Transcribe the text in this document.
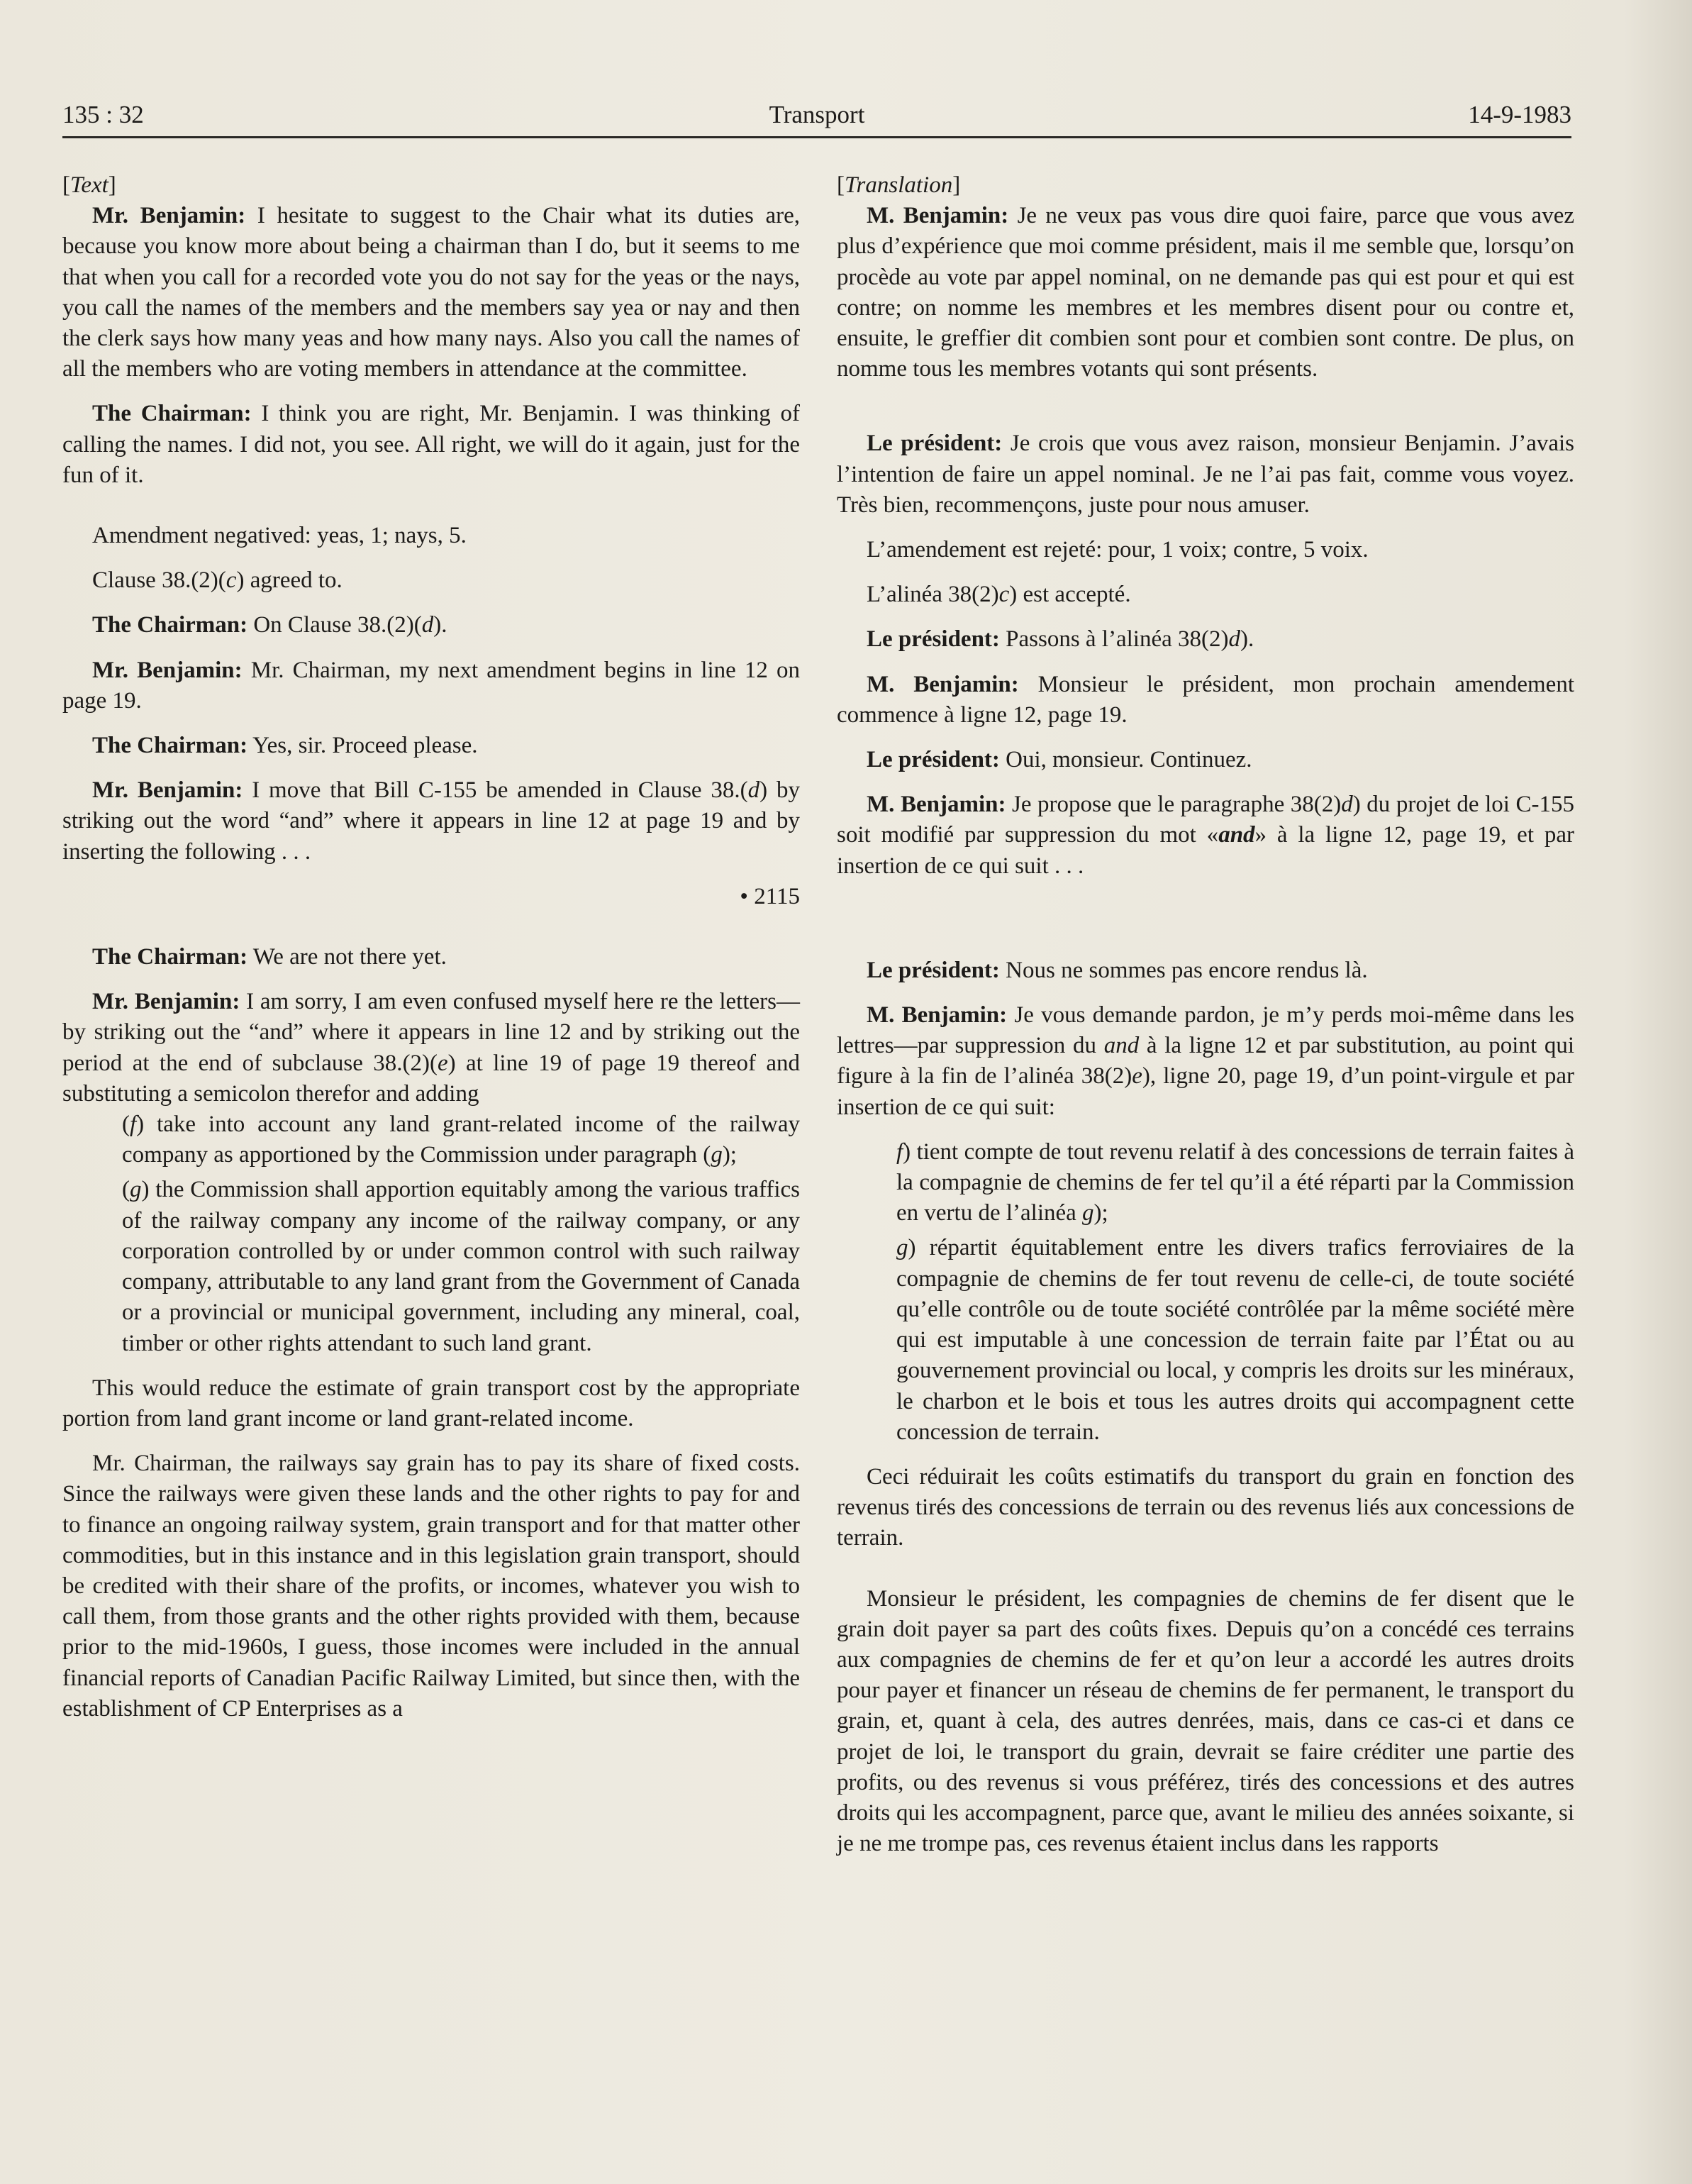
135 : 32	Transport	14-9-1983

[Text]

Mr. Benjamin: I hesitate to suggest to the Chair what its duties are, because you know more about being a chairman than I do, but it seems to me that when you call for a recorded vote you do not say for the yeas or the nays, you call the names of the members and the members say yea or nay and then the clerk says how many yeas and how many nays. Also you call the names of all the members who are voting members in attendance at the committee.

The Chairman: I think you are right, Mr. Benjamin. I was thinking of calling the names. I did not, you see. All right, we will do it again, just for the fun of it.

Amendment negatived: yeas, 1; nays, 5.

Clause 38.(2)(c) agreed to.

The Chairman: On Clause 38.(2)(d).

Mr. Benjamin: Mr. Chairman, my next amendment begins in line 12 on page 19.

The Chairman: Yes, sir. Proceed please.

Mr. Benjamin: I move that Bill C-155 be amended in Clause 38.(d) by striking out the word “and” where it appears in line 12 at page 19 and by inserting the following . . .

• 2115

The Chairman: We are not there yet.

Mr. Benjamin: I am sorry, I am even confused myself here re the letters—by striking out the “and” where it appears in line 12 and by striking out the period at the end of subclause 38.(2)(e) at line 19 of page 19 thereof and substituting a semicolon therefor and adding

(f) take into account any land grant-related income of the railway company as apportioned by the Commission under paragraph (g);

(g) the Commission shall apportion equitably among the various traffics of the railway company any income of the railway company, or any corporation controlled by or under common control with such railway company, attributable to any land grant from the Government of Canada or a provincial or municipal government, including any mineral, coal, timber or other rights attendant to such land grant.

This would reduce the estimate of grain transport cost by the appropriate portion from land grant income or land grant-related income.

Mr. Chairman, the railways say grain has to pay its share of fixed costs. Since the railways were given these lands and the other rights to pay for and to finance an ongoing railway system, grain transport and for that matter other commodities, but in this instance and in this legislation grain transport, should be credited with their share of the profits, or incomes, whatever you wish to call them, from those grants and the other rights provided with them, because prior to the mid-1960s, I guess, those incomes were included in the annual financial reports of Canadian Pacific Railway Limited, but since then, with the establishment of CP Enterprises as a

[Translation]

M. Benjamin: Je ne veux pas vous dire quoi faire, parce que vous avez plus d’expérience que moi comme président, mais il me semble que, lorsqu’on procède au vote par appel nominal, on ne demande pas qui est pour et qui est contre; on nomme les membres et les membres disent pour ou contre et, ensuite, le greffier dit combien sont pour et combien sont contre. De plus, on nomme tous les membres votants qui sont présents.

Le président: Je crois que vous avez raison, monsieur Benjamin. J’avais l’intention de faire un appel nominal. Je ne l’ai pas fait, comme vous voyez. Très bien, recommençons, juste pour nous amuser.

L’amendement est rejeté: pour, 1 voix; contre, 5 voix.

L’alinéa 38(2)c) est accepté.

Le président: Passons à l’alinéa 38(2)d).

M. Benjamin: Monsieur le président, mon prochain amendement commence à ligne 12, page 19.

Le président: Oui, monsieur. Continuez.

M. Benjamin: Je propose que le paragraphe 38(2)d) du projet de loi C-155 soit modifié par suppression du mot «and» à la ligne 12, page 19, et par insertion de ce qui suit . . .

Le président: Nous ne sommes pas encore rendus là.

M. Benjamin: Je vous demande pardon, je m’y perds moi-même dans les lettres—par suppression du and à la ligne 12 et par substitution, au point qui figure à la fin de l’alinéa 38(2)e), ligne 20, page 19, d’un point-virgule et par insertion de ce qui suit:

f) tient compte de tout revenu relatif à des concessions de terrain faites à la compagnie de chemins de fer tel qu’il a été réparti par la Commission en vertu de l’alinéa g);

g) répartit équitablement entre les divers trafics ferroviaires de la compagnie de chemins de fer tout revenu de celle-ci, de toute société qu’elle contrôle ou de toute société contrôlée par la même société mère qui est imputable à une concession de terrain faite par l’État ou au gouvernement provincial ou local, y compris les droits sur les minéraux, le charbon et le bois et tous les autres droits qui accompagnent cette concession de terrain.

Ceci réduirait les coûts estimatifs du transport du grain en fonction des revenus tirés des concessions de terrain ou des revenus liés aux concessions de terrain.

Monsieur le président, les compagnies de chemins de fer disent que le grain doit payer sa part des coûts fixes. Depuis qu’on a concédé ces terrains aux compagnies de chemins de fer et qu’on leur a accordé les autres droits pour payer et financer un réseau de chemins de fer permanent, le transport du grain, et, quant à cela, des autres denrées, mais, dans ce cas-ci et dans ce projet de loi, le transport du grain, devrait se faire créditer une partie des profits, ou des revenus si vous préférez, tirés des concessions et des autres droits qui les accompagnent, parce que, avant le milieu des années soixante, si je ne me trompe pas, ces revenus étaient inclus dans les rapports
